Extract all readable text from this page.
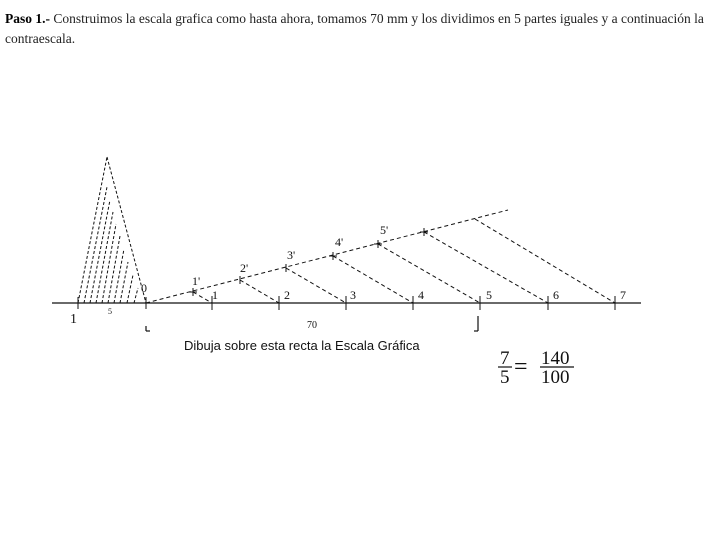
Paso 1.- Construimos la escala grafica como hasta ahora, tomamos 70 mm y los dividimos en 5 partes iguales y a continuación la contraescala.
0	1	2	3	4	5	6	7
1'
2'
3'
4'
5'
1
5
70
Dibuja sobre esta recta la Escala Gráfica
7
5 = 140
100
